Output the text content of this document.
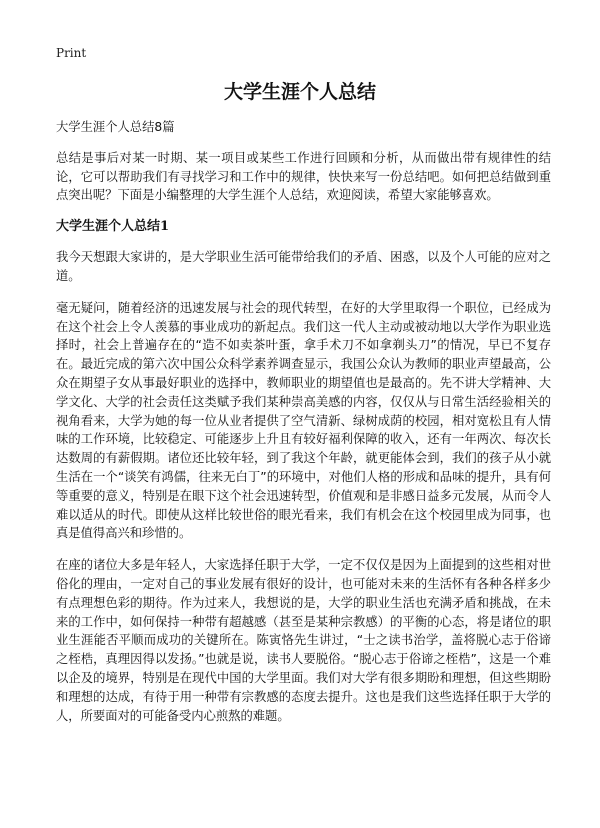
Print
大学生涯个人总结

大学生涯个人总结8篇

总结是事后对某一时期、某一项目或某些工作进行回顾和分析，从而做出带有规律性的结论，它可以帮助我们有寻找学习和工作中的规律，快快来写一份总结吧。如何把总结做到重点突出呢？下面是小编整理的大学生涯个人总结，欢迎阅读，希望大家能够喜欢。

大学生涯个人总结1

我今天想跟大家讲的，是大学职业生活可能带给我们的矛盾、困惑，以及个人可能的应对之道。

毫无疑问，随着经济的迅速发展与社会的现代转型，在好的大学里取得一个职位，已经成为在这个社会上令人羡慕的事业成功的新起点。我们这一代人主动或被动地以大学作为职业选择时，社会上普遍存在的“造不如卖茶叶蛋，拿手术刀不如拿剃头刀”的情况，早已不复存在。最近完成的第六次中国公众科学素养调查显示，我国公众认为教师的职业声望最高，公众在期望子女从事最好职业的选择中，教师职业的期望值也是最高的。先不讲大学精神、大学文化、大学的社会责任这类赋予我们某种崇高美感的内容，仅仅从与日常生活经验相关的视角看来，大学为她的每一位从业者提供了空气清新、绿树成荫的校园，相对宽松且有人情味的工作环境，比较稳定、可能逐步上升且有较好福利保障的收入，还有一年两次、每次长达数周的有薪假期。诸位还比较年轻，到了我这个年龄，就更能体会到，我们的孩子从小就生活在一个“谈笑有鸿儒，往来无白丁”的环境中，对他们人格的形成和品味的提升，具有何等重要的意义，特别是在眼下这个社会迅速转型，价值观和是非感日益多元发展，从而令人难以适从的时代。即使从这样比较世俗的眼光看来，我们有机会在这个校园里成为同事，也真是值得高兴和珍惜的。

在座的诸位大多是年轻人，大家选择任职于大学，一定不仅仅是因为上面提到的这些相对世俗化的理由，一定对自己的事业发展有很好的设计，也可能对未来的生活怀有各种各样多少有点理想色彩的期待。作为过来人，我想说的是，大学的职业生活也充满矛盾和挑战，在未来的工作中，如何保持一种带有超越感（甚至是某种宗教感）的平衡的心态，将是诸位的职业生涯能否平顺而成功的关键所在。陈寅恪先生讲过，“士之读书治学，盖将脱心志于俗谛之桎梏，真理因得以发扬。”也就是说，读书人要脱俗。“脱心志于俗谛之桎梏”，这是一个难以企及的境界，特别是在现代中国的大学里面。我们对大学有很多期盼和理想，但这些期盼和理想的达成，有待于用一种带有宗教感的态度去提升。这也是我们这些选择任职于大学的人，所要面对的可能备受内心煎熬的难题。
